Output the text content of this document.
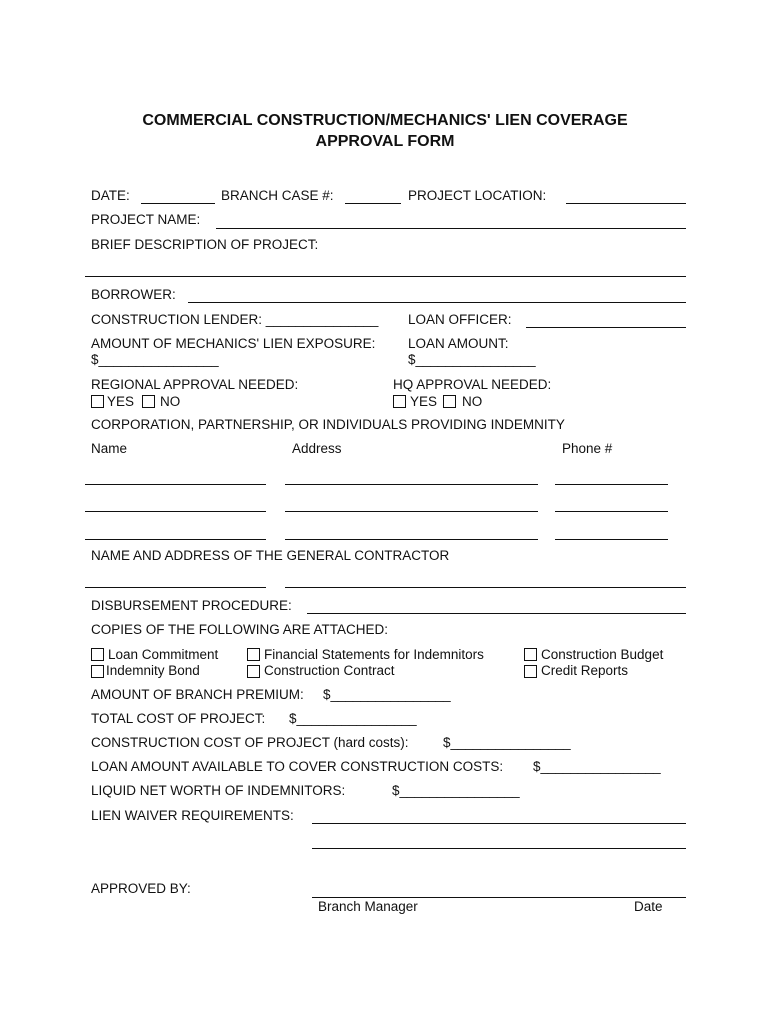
COMMERCIAL CONSTRUCTION/MECHANICS' LIEN COVERAGE
APPROVAL FORM
DATE:	BRANCH CASE #:	PROJECT LOCATION:
PROJECT NAME:
BRIEF DESCRIPTION OF PROJECT:
BORROWER:
CONSTRUCTION LENDER: _______________ LOAN OFFICER:
AMOUNT OF MECHANICS' LIEN EXPOSURE:
$________________
LOAN AMOUNT:
$________________
REGIONAL APPROVAL NEEDED:
YES NO
HQ APPROVAL NEEDED:
YES NO
CORPORATION, PARTNERSHIP, OR INDIVIDUALS PROVIDING INDEMNITY
Name	Address	Phone #
NAME AND ADDRESS OF THE GENERAL CONTRACTOR
DISBURSEMENT PROCEDURE:
COPIES OF THE FOLLOWING ARE ATTACHED:
Loan Commitment
Indemnity Bond
Financial Statements for Indemnitors
Construction Contract
Construction Budget
Credit Reports
AMOUNT OF BRANCH PREMIUM: $________________
TOTAL COST OF PROJECT: $________________
CONSTRUCTION COST OF PROJECT (hard costs):	$________________
LOAN AMOUNT AVAILABLE TO COVER CONSTRUCTION COSTS: $________________
LIQUID NET WORTH OF INDEMNITORS:	$________________
LIEN WAIVER REQUIREMENTS:
APPROVED BY:
Branch Manager	Date
